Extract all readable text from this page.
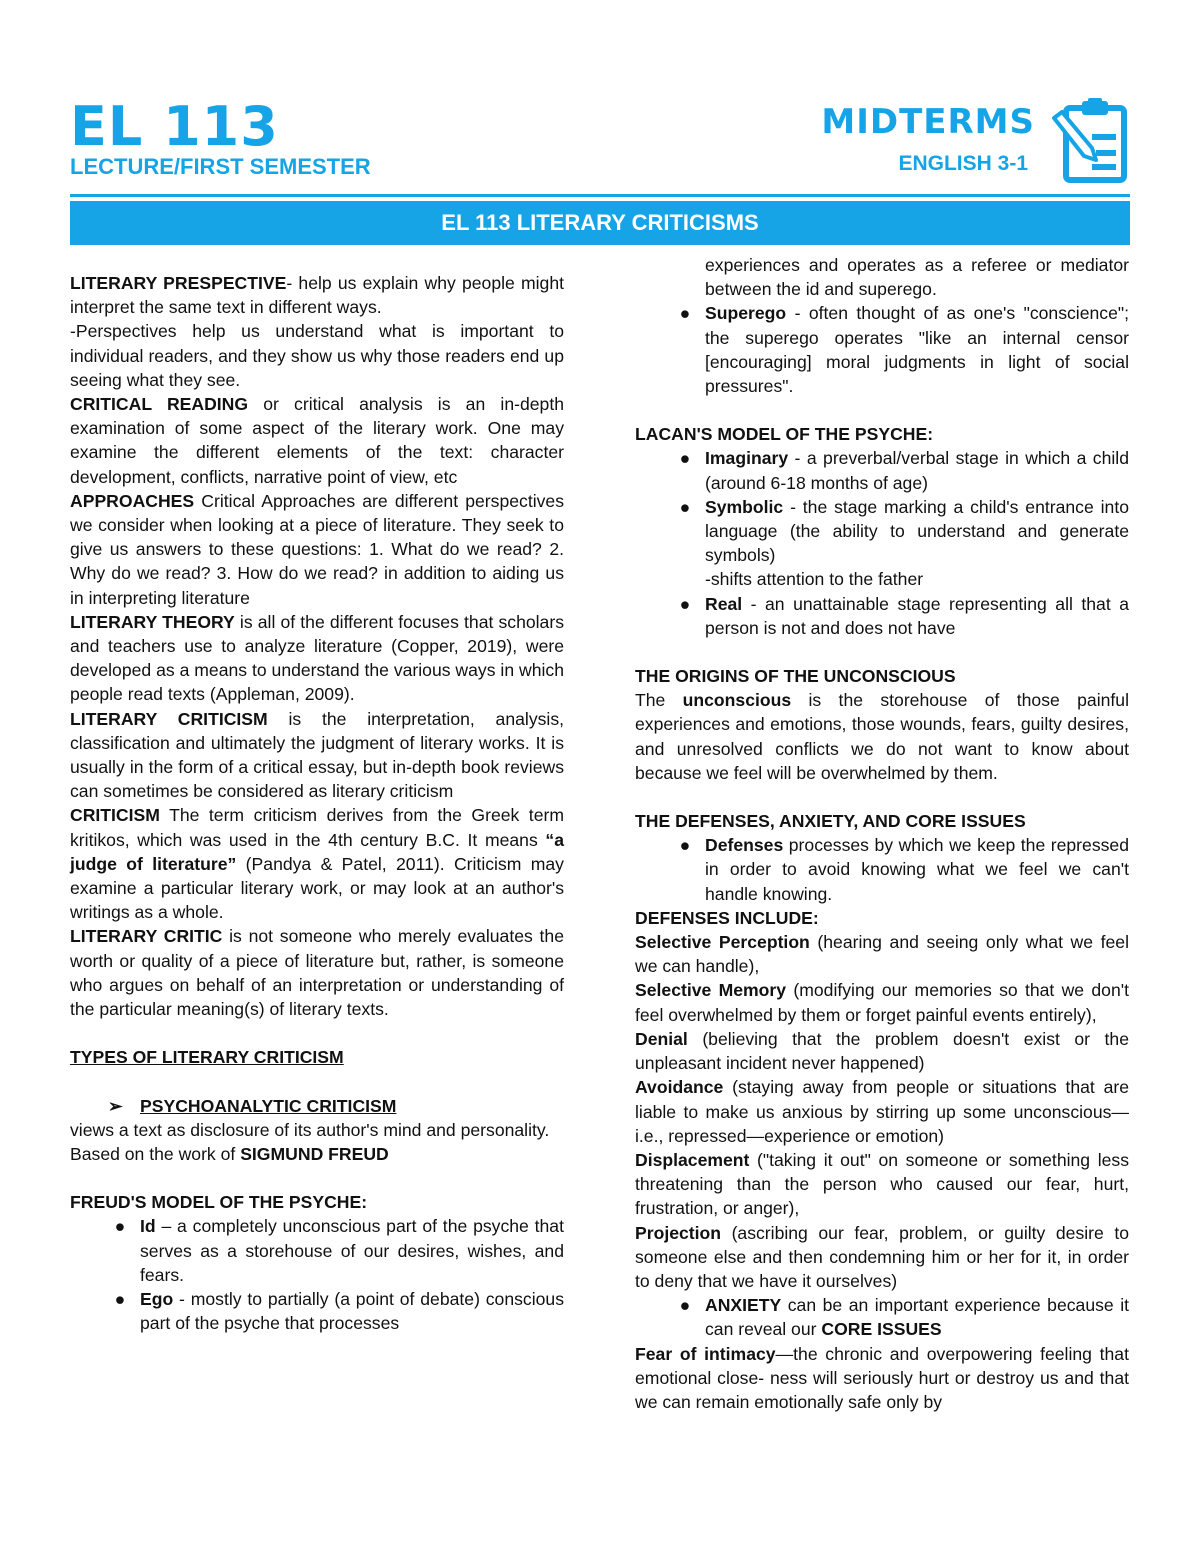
EL 113
LECTURE/FIRST SEMESTER
MIDTERMS
ENGLISH 3-1
EL 113 LITERARY CRITICISMS

LITERARY PRESPECTIVE- help us explain why people might interpret the same text in different ways.

-Perspectives help us understand what is important to individual readers, and they show us why those readers end up seeing what they see.

CRITICAL READING or critical analysis is an in-depth examination of some aspect of the literary work. One may examine the different elements of the text: character development, conflicts, narrative point of view, etc

APPROACHES Critical Approaches are different perspectives we consider when looking at a piece of literature. They seek to give us answers to these questions: 1. What do we read? 2. Why do we read? 3. How do we read? in addition to aiding us in interpreting literature

LITERARY THEORY is all of the different focuses that scholars and teachers use to analyze literature (Copper, 2019), were developed as a means to understand the various ways in which people read texts (Appleman, 2009).

LITERARY CRITICISM is the interpretation, analysis, classification and ultimately the judgment of literary works. It is usually in the form of a critical essay, but in-depth book reviews can sometimes be considered as literary criticism

CRITICISM The term criticism derives from the Greek term kritikos, which was used in the 4th century B.C. It means “a judge of literature” (Pandya & Patel, 2011). Criticism may examine a particular literary work, or may look at an author's writings as a whole.

LITERARY CRITIC is not someone who merely evaluates the worth or quality of a piece of literature but, rather, is someone who argues on behalf of an interpretation or understanding of the particular meaning(s) of literary texts.

TYPES OF LITERARY CRITICISM

➢ PSYCHOANALYTIC CRITICISM

views a text as disclosure of its author's mind and personality.

Based on the work of SIGMUND FREUD

FREUD'S MODEL OF THE PSYCHE:

● Id – a completely unconscious part of the psyche that serves as a storehouse of our desires, wishes, and fears.
● Ego - mostly to partially (a point of debate) conscious part of the psyche that processes

experiences and operates as a referee or mediator between the id and superego.

● Superego - often thought of as one's "conscience"; the superego operates "like an internal censor [encouraging] moral judgments in light of social pressures".

LACAN'S MODEL OF THE PSYCHE:

● Imaginary - a preverbal/verbal stage in which a child (around 6-18 months of age)
● Symbolic - the stage marking a child's entrance into language (the ability to understand and generate symbols)
-shifts attention to the father
● Real - an unattainable stage representing all that a person is not and does not have

THE ORIGINS OF THE UNCONSCIOUS

The unconscious is the storehouse of those painful experiences and emotions, those wounds, fears, guilty desires, and unresolved conflicts we do not want to know about because we feel will be overwhelmed by them.

THE DEFENSES, ANXIETY, AND CORE ISSUES

● Defenses processes by which we keep the repressed in order to avoid knowing what we feel we can't handle knowing.

DEFENSES INCLUDE:

Selective Perception (hearing and seeing only what we feel we can handle),

Selective Memory (modifying our memories so that we don't feel overwhelmed by them or forget painful events entirely),

Denial (believing that the problem doesn't exist or the unpleasant incident never happened)

Avoidance (staying away from people or situations that are liable to make us anxious by stirring up some unconscious—i.e., repressed—experience or emotion)

Displacement ("taking it out" on someone or something less threatening than the person who caused our fear, hurt, frustration, or anger),

Projection (ascribing our fear, problem, or guilty desire to someone else and then condemning him or her for it, in order to deny that we have it ourselves)

● ANXIETY can be an important experience because it can reveal our CORE ISSUES

Fear of intimacy—the chronic and overpowering feeling that emotional close- ness will seriously hurt or destroy us and that we can remain emotionally safe only by
